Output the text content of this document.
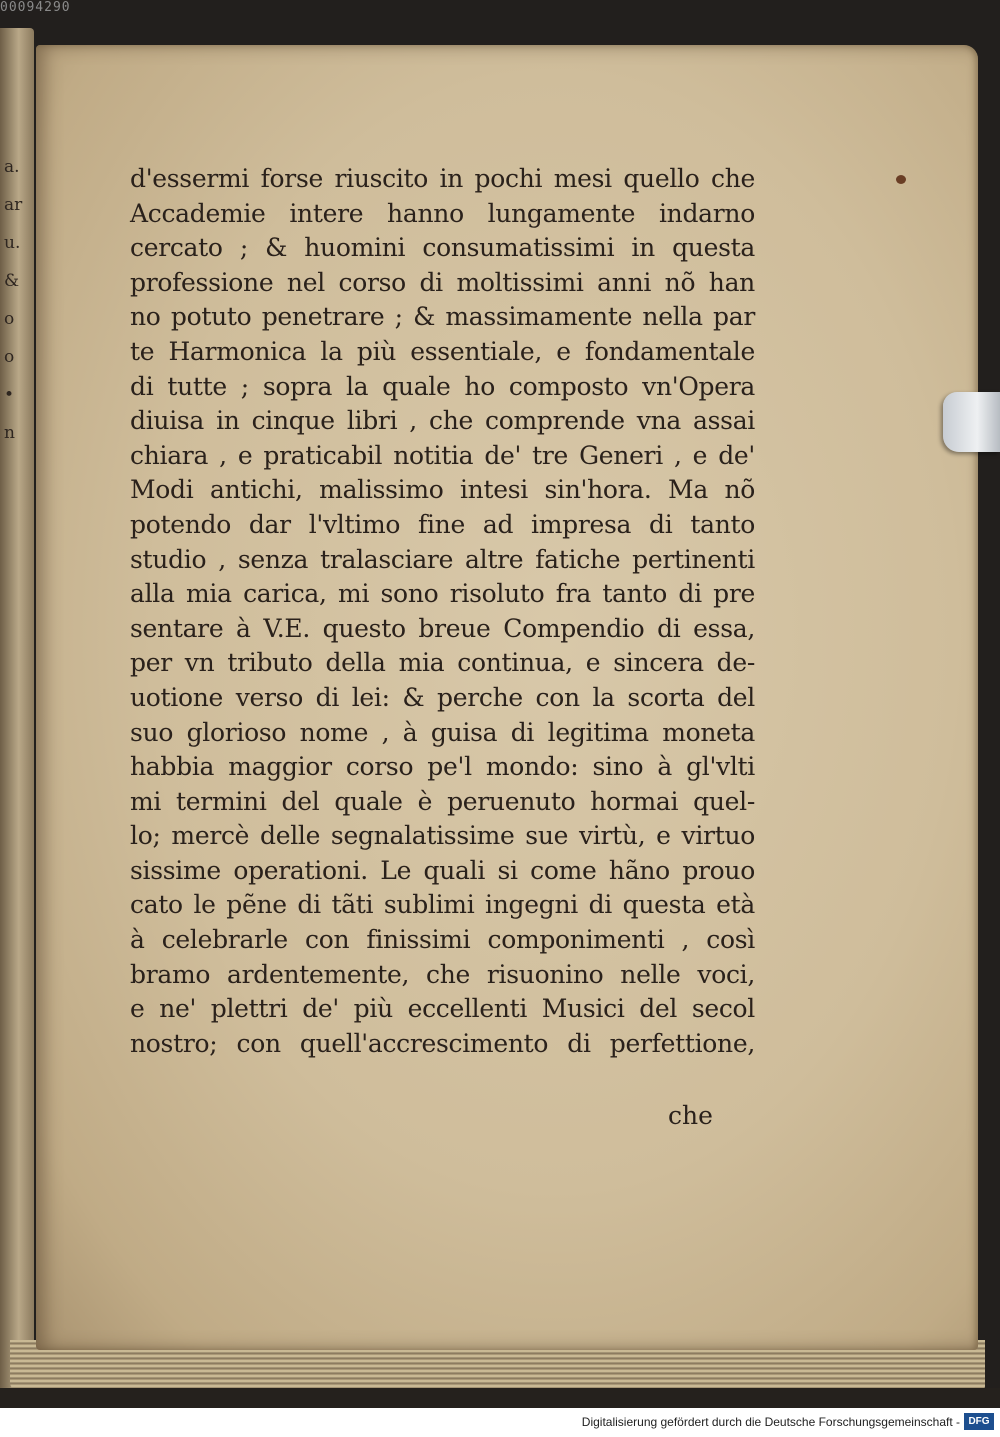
00094290
a.
ar
u.
&
o
o
•
n
d'essermi forse riuscito in pochi mesi quello che
Accademie intere hanno lungamente indarno
cercato ; & huomini consumatissimi in questa
professione nel corso di moltissimi anni nõ han
no potuto penetrare ; & massimamente nella par
te Harmonica la più essentiale, e fondamentale
di tutte ; sopra la quale ho composto vn'Opera
diuisa in cinque libri , che comprende vna assai
chiara , e praticabil notitia de' tre Generi , e de'
Modi antichi, malissimo intesi sin'hora. Ma nõ
potendo dar l'vltimo fine ad impresa di tanto
studio , senza tralasciare altre fatiche pertinenti
alla mia carica, mi sono risoluto fra tanto di pre
sentare à V.E. questo breue Compendio di essa,
per vn tributo della mia continua, e sincera de-
uotione verso di lei: & perche con la scorta del
suo glorioso nome , à guisa di legitima moneta
habbia maggior corso pe'l mondo: sino à gl'vlti
mi termini del quale è peruenuto hormai quel-
lo; mercè delle segnalatissime sue virtù, e virtuo
sissime operationi. Le quali si come hãno prouo
cato le pẽne di tãti sublimi ingegni di questa età
à celebrarle con finissimi componimenti , così
bramo ardentemente, che risuonino nelle voci,
e ne' plettri de' più eccellenti Musici del secol
nostro; con quell'accrescimento di perfettione,
che
Digitalisierung gefördert durch die Deutsche Forschungsgemeinschaft - DFG
